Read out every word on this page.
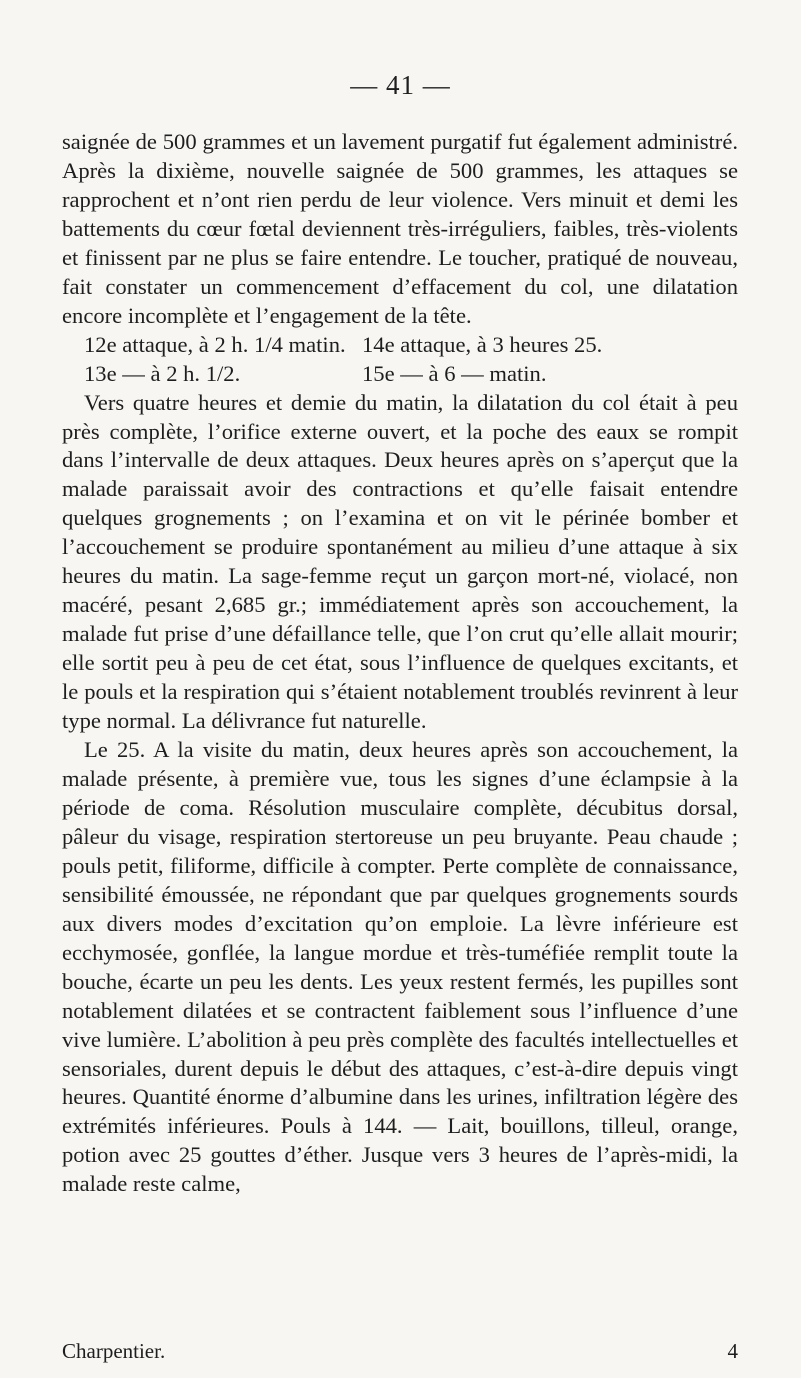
— 41 —

saignée de 500 grammes et un lavement purgatif fut également administré. Après la dixième, nouvelle saignée de 500 grammes, les attaques se rapprochent et n’ont rien perdu de leur violence. Vers minuit et demi les battements du cœur fœtal deviennent très-irréguliers, faibles, très-violents et finissent par ne plus se faire entendre. Le toucher, pratiqué de nouveau, fait constater un commencement d’effacement du col, une dilatation encore incomplète et l’engagement de la tête.

12e attaque, à 2 h. 1/4 matin. 14e attaque, à 3 heures 25.
13e — à 2 h. 1/2.	15e — à 6 — matin.

Vers quatre heures et demie du matin, la dilatation du col était à peu près complète, l’orifice externe ouvert, et la poche des eaux se rompit dans l’intervalle de deux attaques. Deux heures après on s’aperçut que la malade paraissait avoir des contractions et qu’elle faisait entendre quelques grognements ; on l’examina et on vit le périnée bomber et l’accouchement se produire spontanément au milieu d’une attaque à six heures du matin. La sage-femme reçut un garçon mort-né, violacé, non macéré, pesant 2,685 gr.; immédiatement après son accouchement, la malade fut prise d’une défaillance telle, que l’on crut qu’elle allait mourir; elle sortit peu à peu de cet état, sous l’influence de quelques excitants, et le pouls et la respiration qui s’étaient notablement troublés revinrent à leur type normal. La délivrance fut naturelle.

Le 25. A la visite du matin, deux heures après son accouchement, la malade présente, à première vue, tous les signes d’une éclampsie à la période de coma. Résolution musculaire complète, décubitus dorsal, pâleur du visage, respiration stertoreuse un peu bruyante. Peau chaude ; pouls petit, filiforme, difficile à compter. Perte complète de connaissance, sensibilité émoussée, ne répondant que par quelques grognements sourds aux divers modes d’excitation qu’on emploie. La lèvre inférieure est ecchymosée, gonflée, la langue mordue et très-tuméfiée remplit toute la bouche, écarte un peu les dents. Les yeux restent fermés, les pupilles sont notablement dilatées et se contractent faiblement sous l’influence d’une vive lumière. L’abolition à peu près complète des facultés intellectuelles et sensoriales, durent depuis le début des attaques, c’est-à-dire depuis vingt heures. Quantité énorme d’albumine dans les urines, infiltration légère des extrémités inférieures. Pouls à 144. — Lait, bouillons, tilleul, orange, potion avec 25 gouttes d’éther. Jusque vers 3 heures de l’après-midi, la malade reste calme,

Charpentier.	4
